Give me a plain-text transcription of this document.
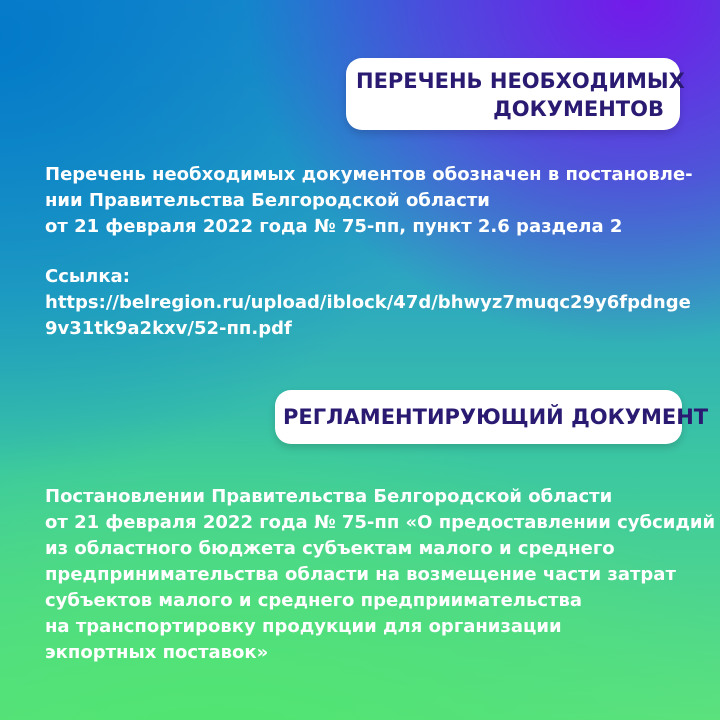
ПЕРЕЧЕНЬ НЕОБХОДИМЫХ
ДОКУМЕНТОВ
Перечень необходимых документов обозначен в постановле-
нии Правительства Белгородской области
от 21 февраля 2022 года № 75-пп, пункт 2.6 раздела 2
Ссылка:
https://belregion.ru/upload/iblock/47d/bhwyz7muqc29y6fpdnge
9v31tk9a2kxv/52-пп.pdf
РЕГЛАМЕНТИРУЮЩИЙ ДОКУМЕНТ
Постановлении Правительства Белгородской области
от 21 февраля 2022 года № 75-пп «О предоставлении субсидий
из областного бюджета субъектам малого и среднего
предпринимательства области на возмещение части затрат
субъектов малого и среднего предприимательства
на транспортировку продукции для организации
экпортных поставок»
